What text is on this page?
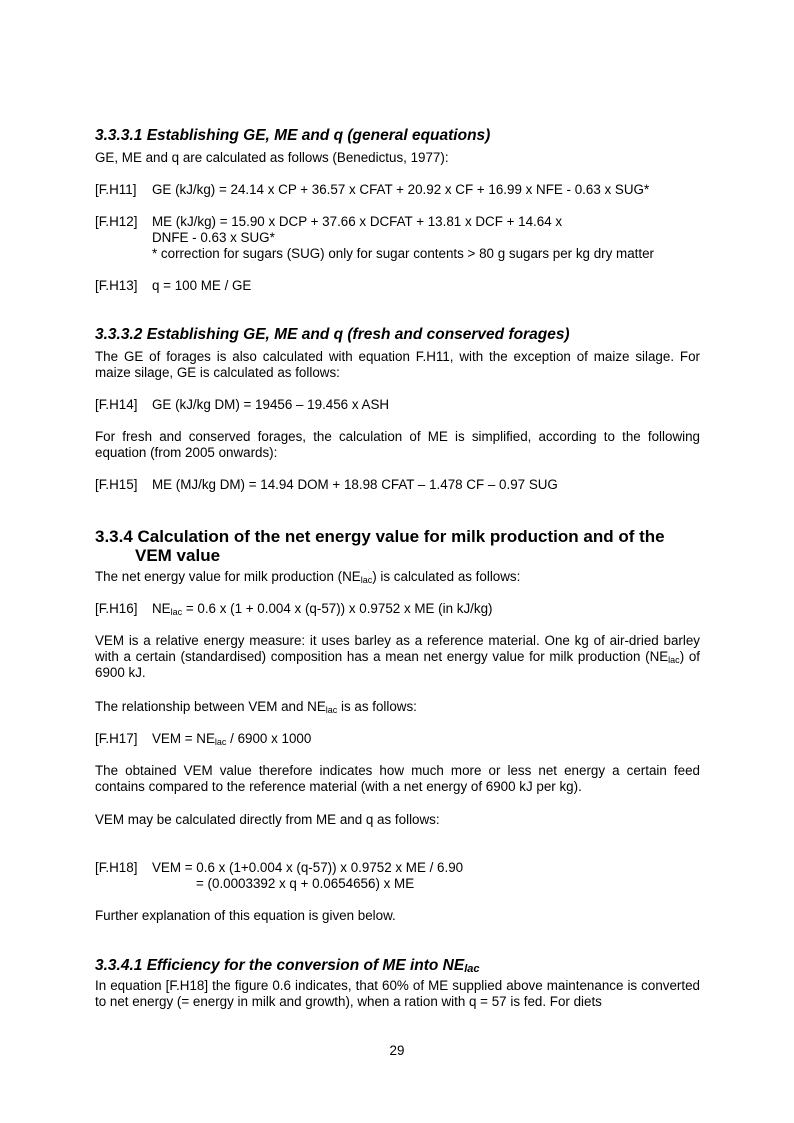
3.3.3.1 Establishing GE, ME and q (general equations)

GE, ME and q are calculated as follows (Benedictus, 1977):

[F.H11] GE (kJ/kg) = 24.14 x CP + 36.57 x CFAT + 20.92 x CF + 16.99 x NFE - 0.63 x SUG*
[F.H12] ME (kJ/kg) = 15.90 x DCP + 37.66 x DCFAT + 13.81 x DCF + 14.64 x
DNFE - 0.63 x SUG*
* correction for sugars (SUG) only for sugar contents > 80 g sugars per kg dry matter
[F.H13] q = 100 ME / GE
3.3.3.2 Establishing GE, ME and q (fresh and conserved forages)

The GE of forages is also calculated with equation F.H11, with the exception of maize silage. For maize silage, GE is calculated as follows:

[F.H14] GE (kJ/kg DM) = 19456 – 19.456 x ASH

For fresh and conserved forages, the calculation of ME is simplified, according to the following equation (from 2005 onwards):

[F.H15] ME (MJ/kg DM) = 14.94 DOM + 18.98 CFAT – 1.478 CF – 0.97 SUG
3.3.4 Calculation of the net energy value for milk production and of the
VEM value

The net energy value for milk production $(NE_{lac})$ is calculated as follows:

[F.H16] $NE_{lac} = 0.6$ x (1 + 0.004 x (q-57)) x 0.9752 x ME (in kJ/kg)

VEM is a relative energy measure: it uses barley as a reference material. One kg of air-dried barley with a certain (standardised) composition has a mean net energy value for milk production $(NE_{lac})$ of 6900 kJ.

The relationship between VEM and $NE_{lac}$ is as follows:

[F.H17] VEM = $NE_{lac} / 6900$ x 1000

The obtained VEM value therefore indicates how much more or less net energy a certain feed contains compared to the reference material (with a net energy of 6900 kJ per kg).

VEM may be calculated directly from ME and q as follows:

[F.H18] VEM = 0.6 x (1+0.004 x (q-57)) x 0.9752 x ME / 6.90
= (0.0003392 x q + 0.0654656) x ME

Further explanation of this equation is given below.

3.3.4.1 Efficiency for the conversion of ME into $NE_{lac}$

In equation [F.H18] the figure 0.6 indicates, that 60% of ME supplied above maintenance is converted to net energy (= energy in milk and growth), when a ration with q = 57 is fed. For diets

29
